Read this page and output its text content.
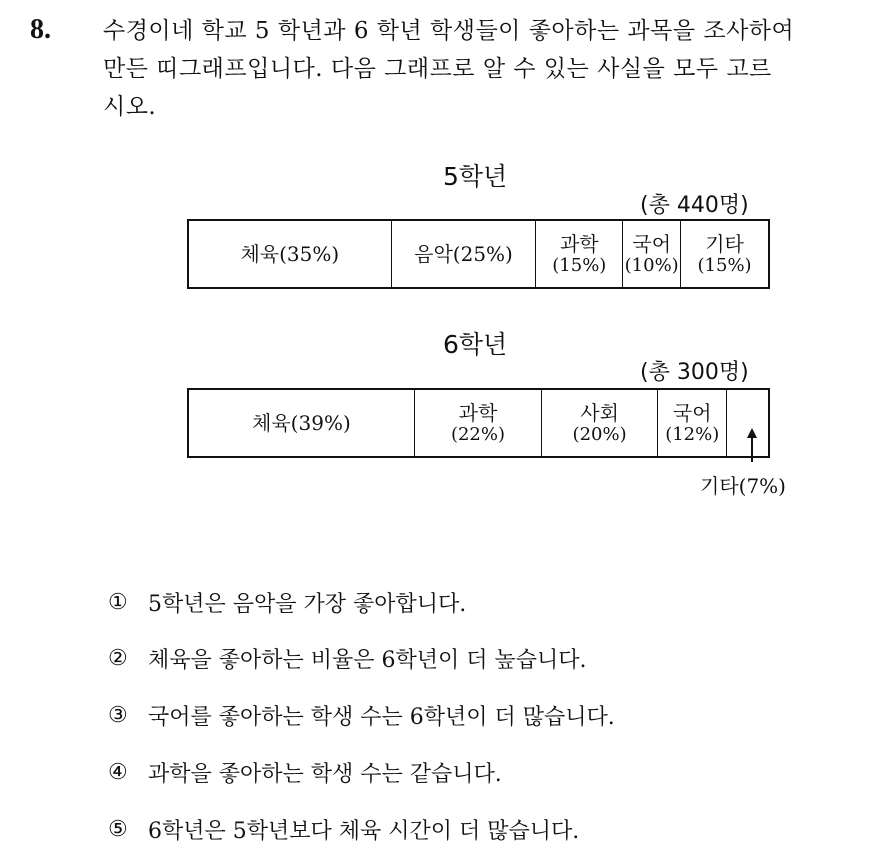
8. 수경이네 학교 5 학년과 6 학년 학생들이 좋아하는 과목을 조사하여
만든 띠그래프입니다. 다음 그래프로 알 수 있는 사실을 모두 고르
시오.
5학년
(총 440명)
체육(35%)	음악(25%) 과학
(15%)
국어
(10%)
기타
(15%)
6학년
(총 300명)
체육(39%)	과학
(22%)
사회
(20%)
국어
(12%)
기타(7%)
① 5학년은 음악을 가장 좋아합니다.
② 체육을 좋아하는 비율은 6학년이 더 높습니다.
③ 국어를 좋아하는 학생 수는 6학년이 더 많습니다.
④ 과학을 좋아하는 학생 수는 같습니다.
⑤ 6학년은 5학년보다 체육 시간이 더 많습니다.
